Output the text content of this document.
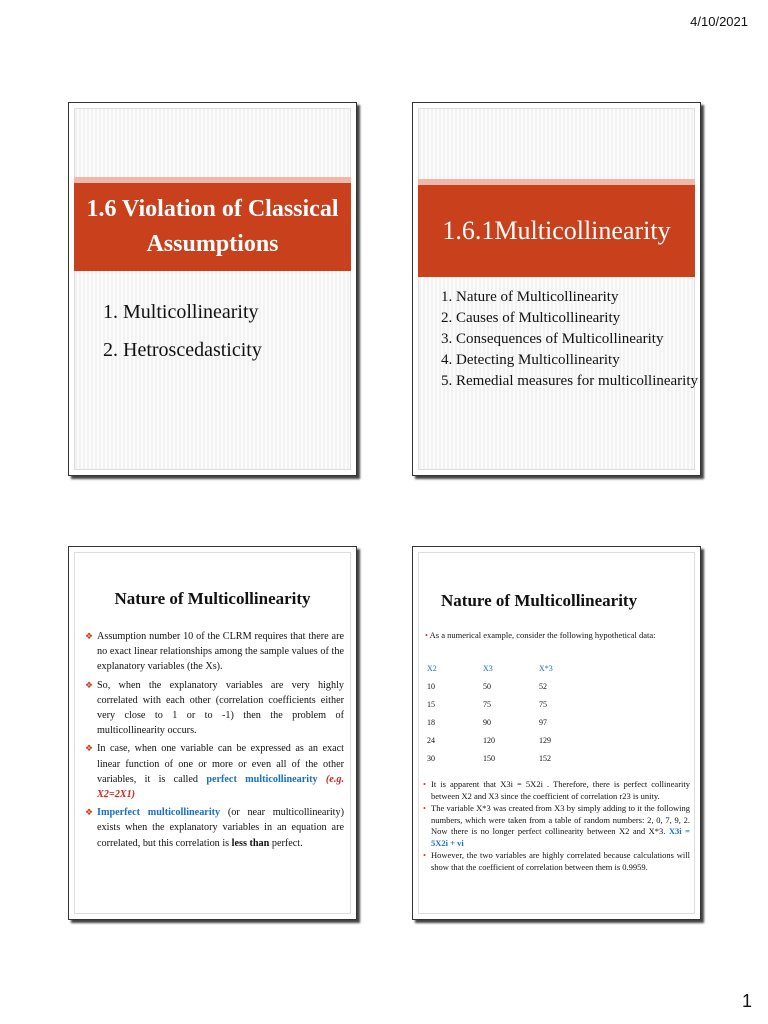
4/10/2021
1.6 Violation of Classical
Assumptions
1. Multicollinearity
2. Hetroscedasticity
1.6.1Multicollinearity
1. Nature of Multicollinearity
2. Causes of Multicollinearity
3. Consequences of Multicollinearity
4. Detecting Multicollinearity
5. Remedial measures for multicollinearity
Nature of Multicollinearity
❖ Assumption number 10 of the CLRM requires that there are no exact linear relationships among the sample values of the explanatory variables (the Xs).
❖ So, when the explanatory variables are very highly correlated with each other (correlation coefficients either very close to 1 or to -1) then the problem of multicollinearity occurs.
❖ In case, when one variable can be expressed as an exact linear function of one or more or even all of the other variables, it is called perfect multicollinearity (e.g. X2=2X1)
❖ Imperfect multicollinearity (or near multicollinearity) exists when the explanatory variables in an equation are correlated, but this correlation is less than perfect.
Nature of Multicollinearity
• As a numerical example, consider the following hypothetical data:
X2	X3	X*3
10	50	52
15	75	75
18	90	97
24	120	129
30	150	152
• It is apparent that X3i = 5X2i . Therefore, there is perfect collinearity between X2 and X3 since the coefficient of correlation r23 is unity.
• The variable X*3 was created from X3 by simply adding to it the following numbers, which were taken from a table of random numbers: 2, 0, 7, 9, 2. Now there is no longer perfect collinearity between X2 and X*3. X3i = 5X2i + vi
• However, the two variables are highly correlated because calculations will show that the coefficient of correlation between them is 0.9959.
1
